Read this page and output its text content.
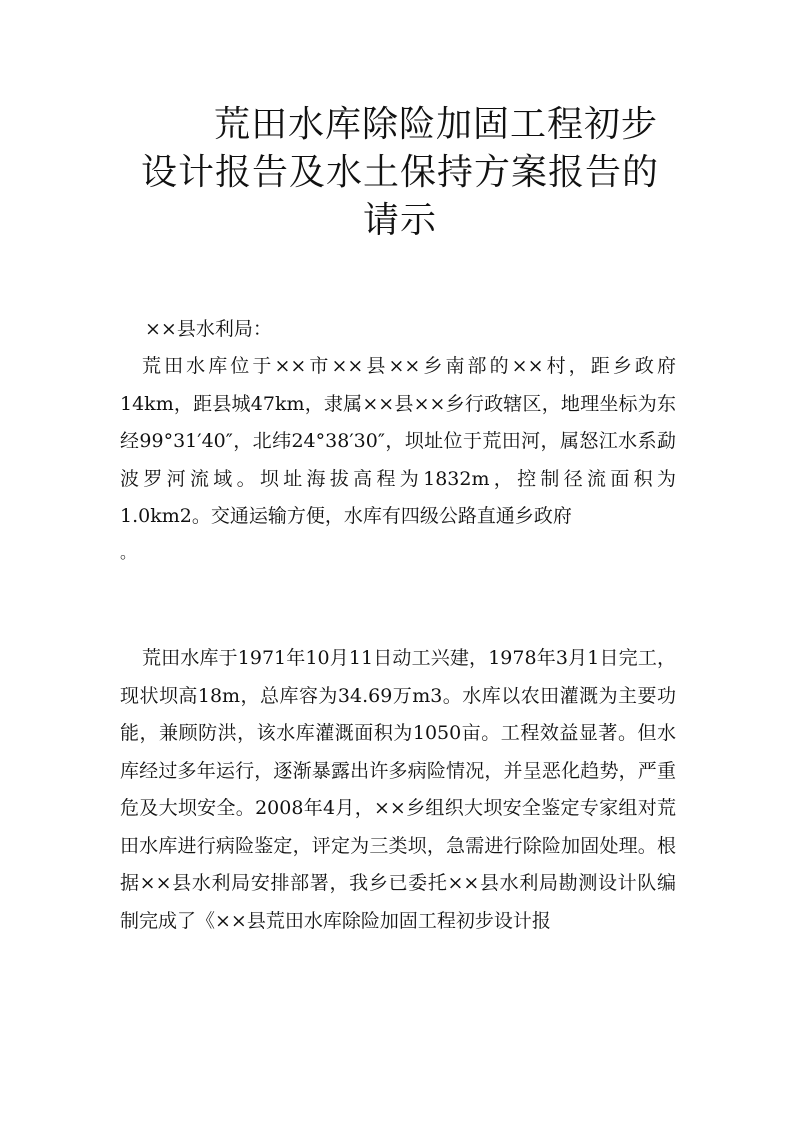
荒田水库除险加固工程初步
设计报告及水土保持方案报告的
请示
××县水利局：

荒田水库位于××市××县××乡南部的××村，距乡政府14km，距县城47km，隶属××县××乡行政辖区，地理坐标为东经99°31′40″，北纬24°38′30″，坝址位于荒田河，属怒江水系勐波罗河流域。坝址海拔高程为1832m，控制径流面积为1.0km2。交通运输方便，水库有四级公路直通乡政府
。

荒田水库于1971年10月11日动工兴建，1978年3月1日完工，现状坝高18m，总库容为34.69万m3。水库以农田灌溉为主要功能，兼顾防洪，该水库灌溉面积为1050亩。工程效益显著。但水库经过多年运行，逐渐暴露出许多病险情况，并呈恶化趋势，严重危及大坝安全。2008年4月，××乡组织大坝安全鉴定专家组对荒田水库进行病险鉴定，评定为三类坝，急需进行除险加固处理。根据××县水利局安排部署，我乡已委托××县水利局勘测设计队编制完成了《××县荒田水库除险加固工程初步设计报
